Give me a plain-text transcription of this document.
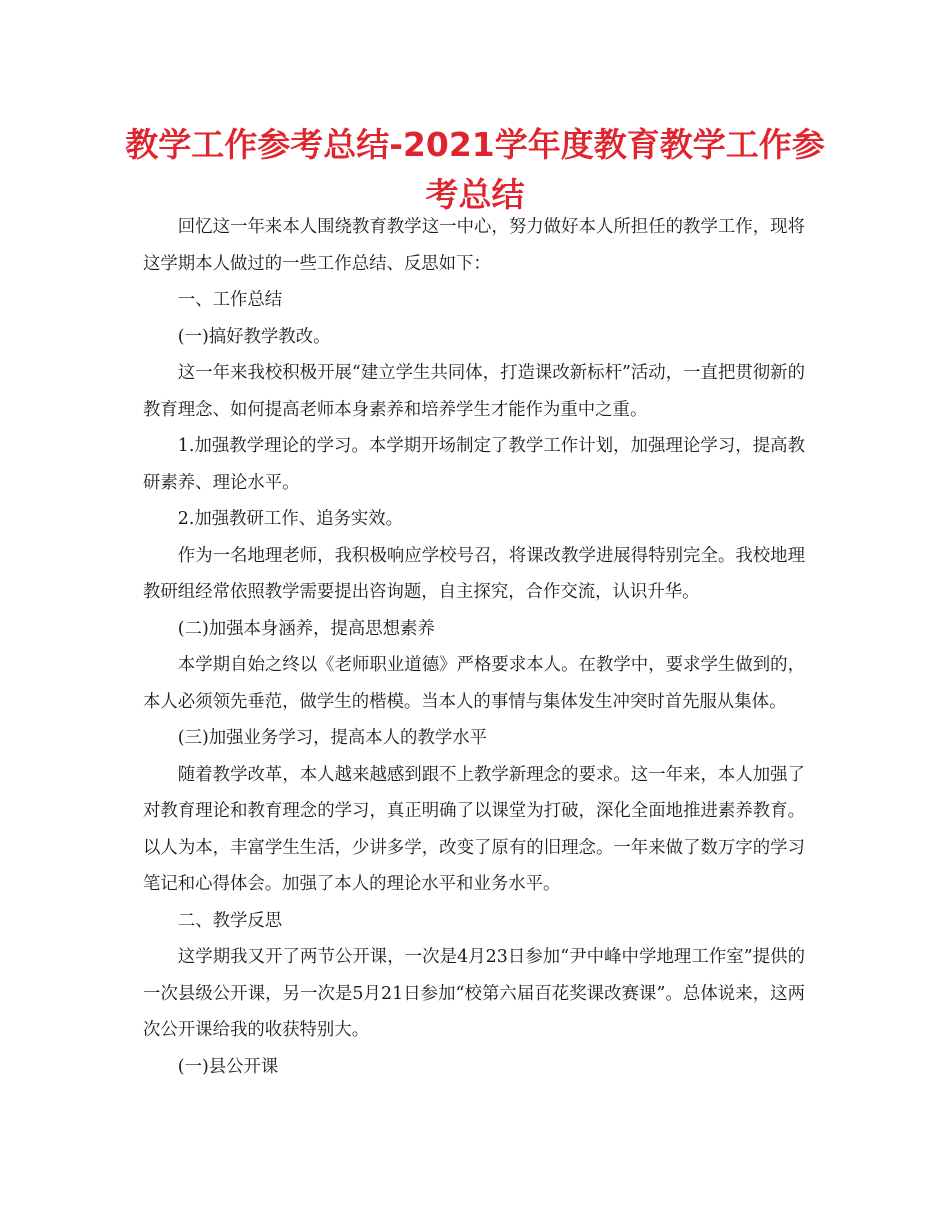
教学工作参考总结-2021学年度教育教学工作参
考总结

回忆这一年来本人围绕教育教学这一中心，努力做好本人所担任的教学工作，现将这学期本人做过的一些工作总结、反思如下：

一、工作总结

(一)搞好教学教改。

这一年来我校积极开展“建立学生共同体，打造课改新标杆”活动，一直把贯彻新的教育理念、如何提高老师本身素养和培养学生才能作为重中之重。

1.加强教学理论的学习。本学期开场制定了教学工作计划，加强理论学习，提高教研素养、理论水平。

2.加强教研工作、追务实效。

作为一名地理老师，我积极响应学校号召，将课改教学进展得特别完全。我校地理教研组经常依照教学需要提出咨询题，自主探究，合作交流，认识升华。

(二)加强本身涵养，提高思想素养

本学期自始之终以《老师职业道德》严格要求本人。在教学中，要求学生做到的，本人必须领先垂范，做学生的楷模。当本人的事情与集体发生冲突时首先服从集体。

(三)加强业务学习，提高本人的教学水平

随着教学改革，本人越来越感到跟不上教学新理念的要求。这一年来，本人加强了对教育理论和教育理念的学习，真正明确了以课堂为打破，深化全面地推进素养教育。以人为本，丰富学生生活，少讲多学，改变了原有的旧理念。一年来做了数万字的学习笔记和心得体会。加强了本人的理论水平和业务水平。

二、教学反思

这学期我又开了两节公开课，一次是4月23日参加“尹中峰中学地理工作室”提供的一次县级公开课，另一次是5月21日参加“校第六届百花奖课改赛课”。总体说来，这两次公开课给我的收获特别大。

(一)县公开课
